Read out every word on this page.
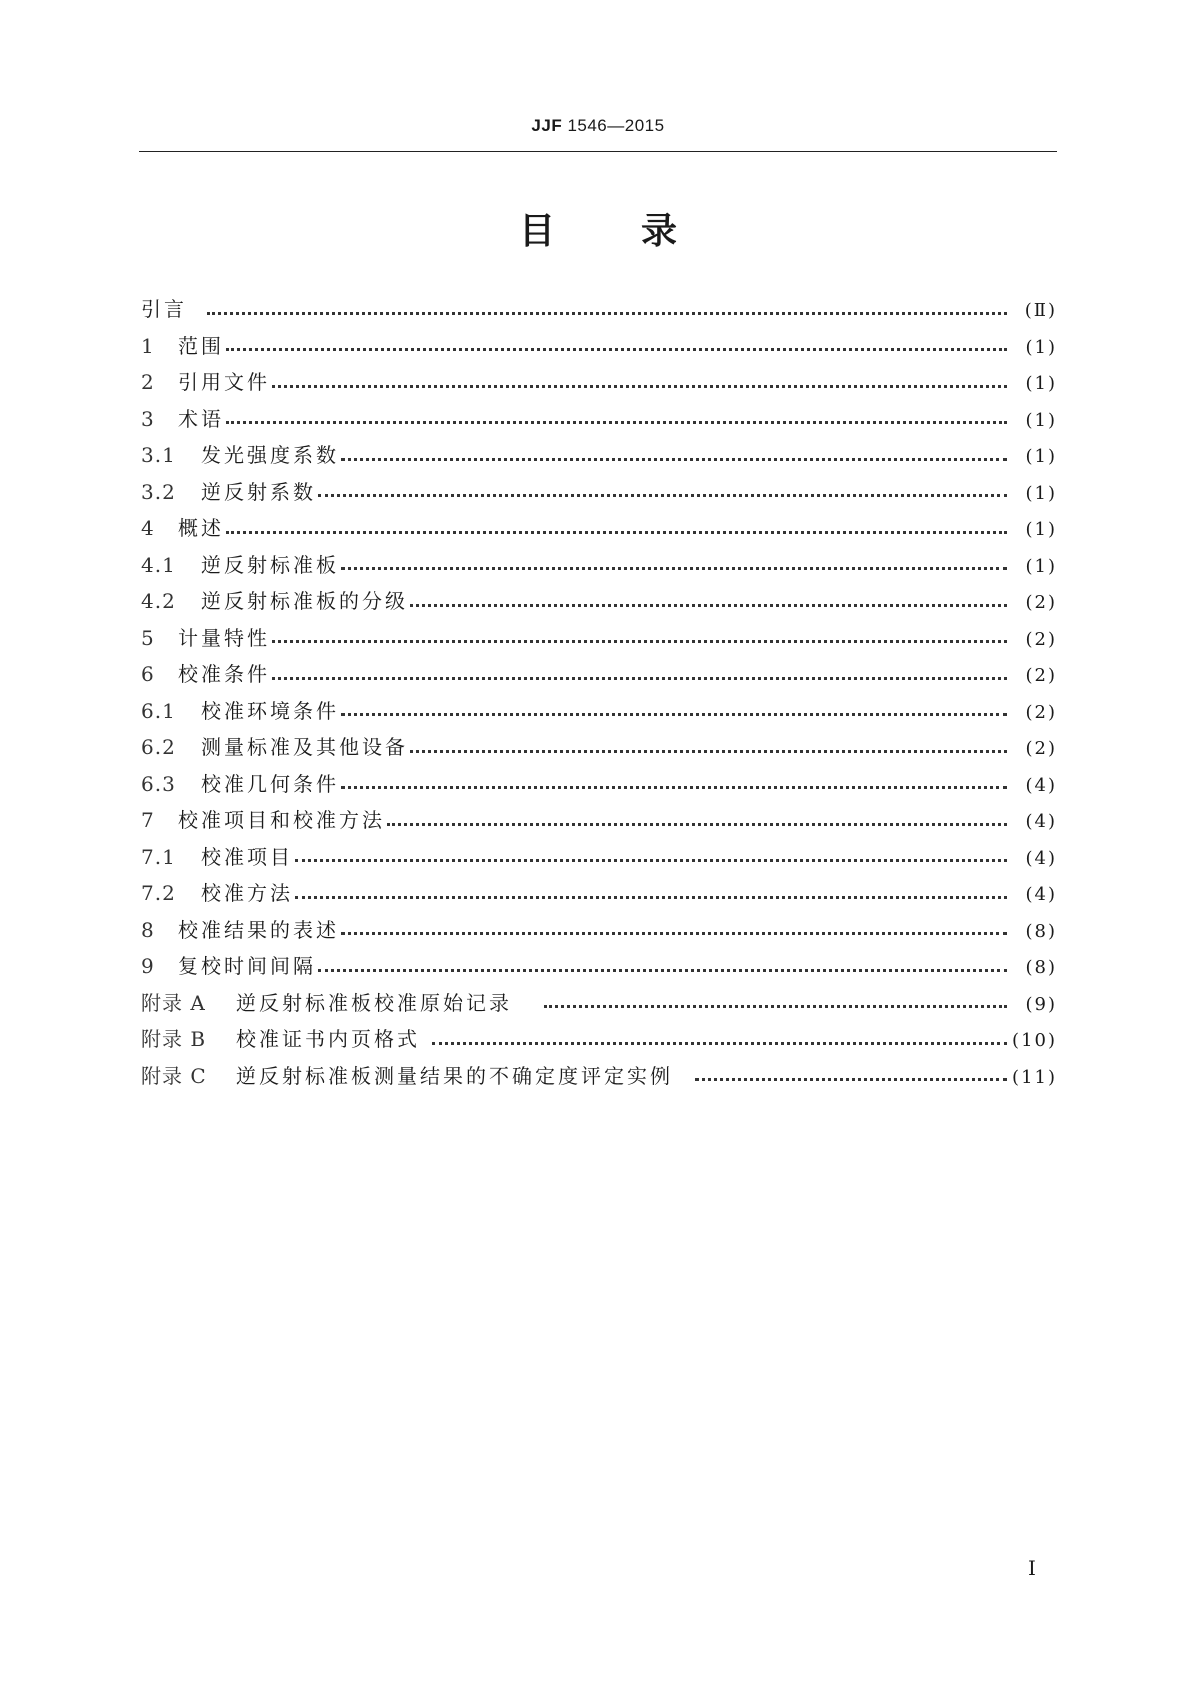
JJF 1546—2015
目 录
引言	(Ⅱ)
1	范围	(1)
2	引用文件	(1)
3	术语	(1)
3.1	发光强度系数	(1)
3.2	逆反射系数	(1)
4	概述	(1)
4.1	逆反射标准板	(1)
4.2	逆反射标准板的分级	(2)
5	计量特性	(2)
6	校准条件	(2)
6.1	校准环境条件	(2)
6.2	测量标准及其他设备	(2)
6.3	校准几何条件	(4)
7	校准项目和校准方法	(4)
7.1	校准项目	(4)
7.2	校准方法	(4)
8	校准结果的表述	(8)
9	复校时间间隔	(8)
附录 A	逆反射标准板校准原始记录	(9)
附录 B	校准证书内页格式	(10)
附录 C	逆反射标准板测量结果的不确定度评定实例	(11)
Ⅰ
